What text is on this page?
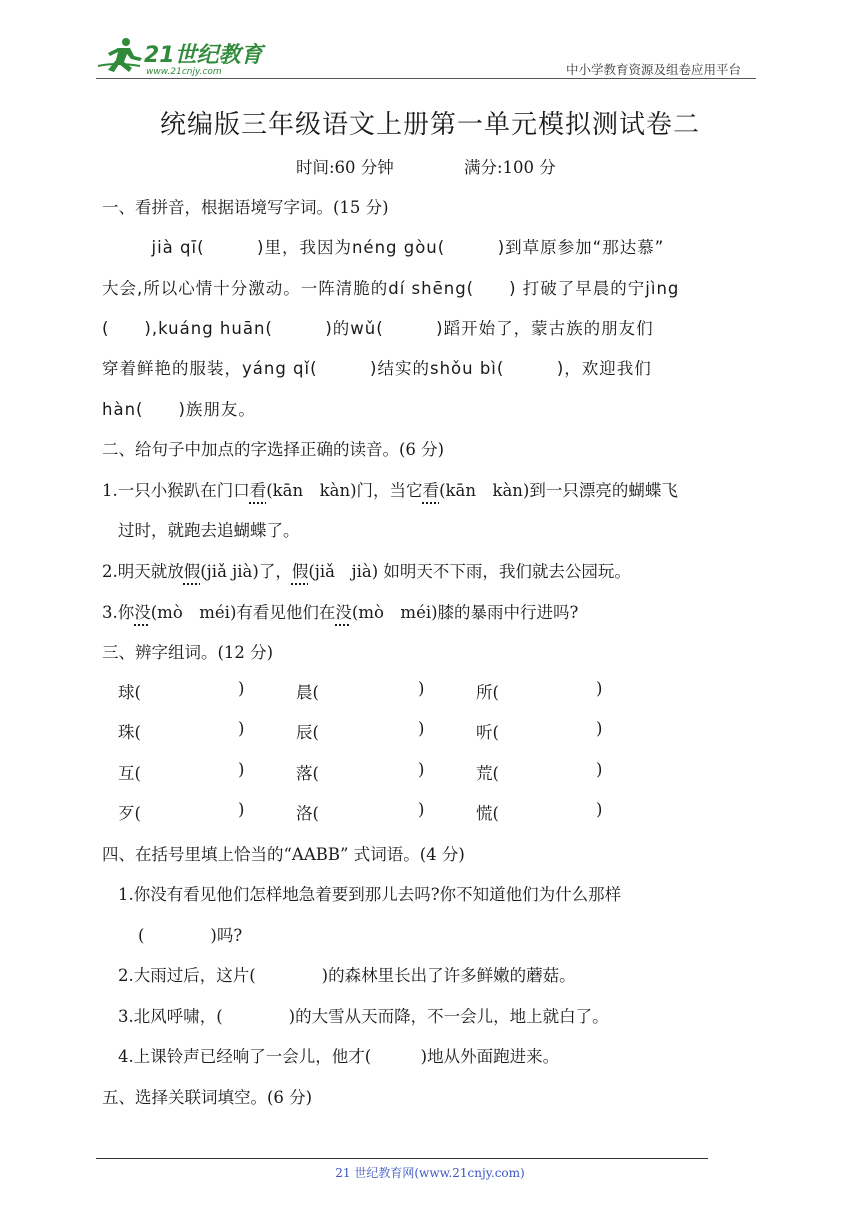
21世纪教育
www.21cnjy.com	中小学教育资源及组卷应用平台
统编版三年级语文上册第一单元模拟测试卷二
时间:60 分钟	满分:100 分
一、看拼音，根据语境写字词。(15 分)
　jià qī(　　　)里，我因为néng gòu(　　　)到草原参加“那达慕”
大会,所以心情十分激动。一阵清脆的dí shēng(　　) 打破了早晨的宁jìng
(　　),kuáng huān(　　　)的wǔ(　　　)蹈开始了，蒙古族的朋友们
穿着鲜艳的服装，yáng qǐ(　　　)结实的shǒu bì(　　　)，欢迎我们
hàn(　　)族朋友。
二、给句子中加点的字选择正确的读音。(6 分)
1.一只小猴趴在门口看(kān　kàn)门，当它看(kān　kàn)到一只漂亮的蝴蝶飞
过时，就跑去追蝴蝶了。
2.明天就放假(jiǎ jià)了，假(jiǎ　jià) 如明天不下雨，我们就去公园玩。
3.你没(mò　méi)有看见他们在没(mò　méi)膝的暴雨中行进吗?
三、辨字组词。(12 分)
球(	)	晨(	)	所(	)
珠(	)	辰(	)	听(	)
互(	)	落(	)	荒(	)
歹(	)	洛(	)	慌(	)
四、在括号里填上恰当的“AABB” 式词语。(4 分)
1.你没有看见他们怎样地急着要到那儿去吗?你不知道他们为什么那样
(　　　　)吗?
2.大雨过后，这片(　　　　)的森林里长出了许多鲜嫩的蘑菇。
3.北风呼啸，(　　　　)的大雪从天而降，不一会儿，地上就白了。
4.上课铃声已经响了一会儿，他才(　　　)地从外面跑进来。
五、选择关联词填空。(6 分)
21 世纪教育网(www.21cnjy.com)
